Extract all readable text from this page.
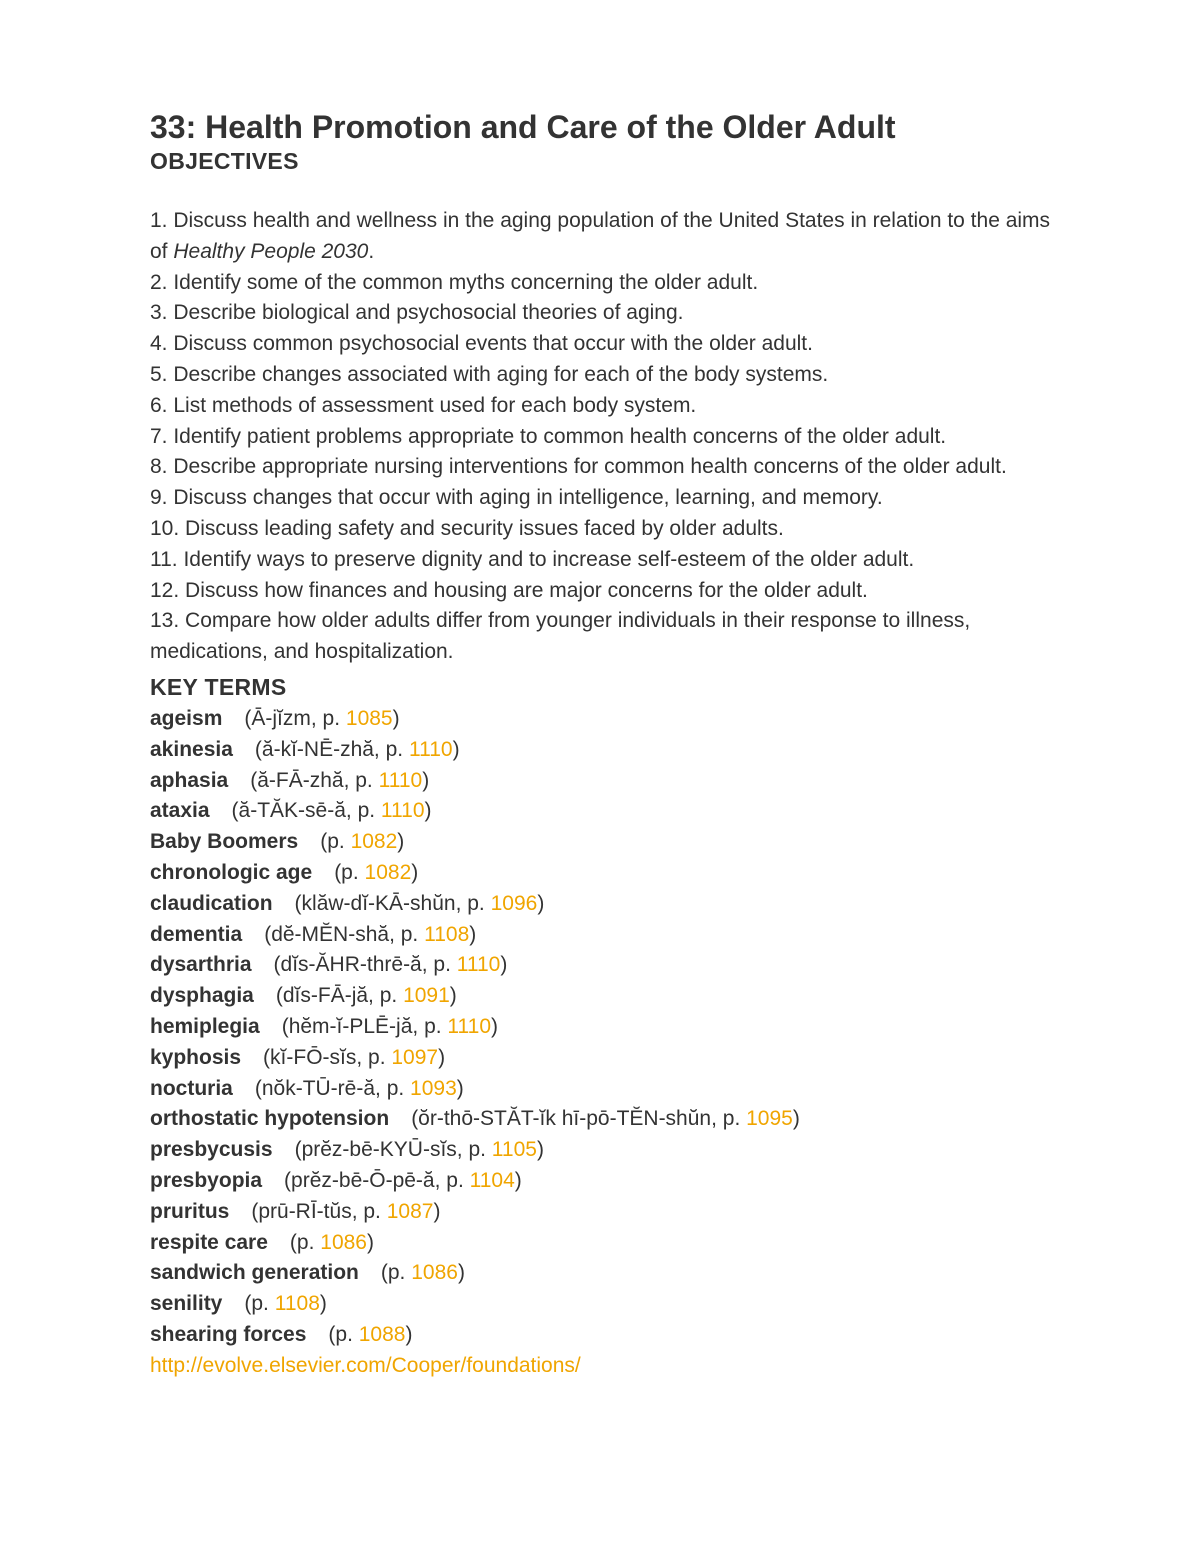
33: Health Promotion and Care of the Older Adult
OBJECTIVES
1. Discuss health and wellness in the aging population of the United States in relation to the aims of Healthy People 2030.
2. Identify some of the common myths concerning the older adult.
3. Describe biological and psychosocial theories of aging.
4. Discuss common psychosocial events that occur with the older adult.
5. Describe changes associated with aging for each of the body systems.
6. List methods of assessment used for each body system.
7. Identify patient problems appropriate to common health concerns of the older adult.
8. Describe appropriate nursing interventions for common health concerns of the older adult.
9. Discuss changes that occur with aging in intelligence, learning, and memory.
10. Discuss leading safety and security issues faced by older adults.
11. Identify ways to preserve dignity and to increase self-esteem of the older adult.
12. Discuss how finances and housing are major concerns for the older adult.
13. Compare how older adults differ from younger individuals in their response to illness, medications, and hospitalization.
KEY TERMS
ageism (Ā-jĭzm, p. 1085)
akinesia (ă-kĭ-NĒ-zhă, p. 1110)
aphasia (ă-FĀ-zhă, p. 1110)
ataxia (ă-TĂK-sē-ă, p. 1110)
Baby Boomers (p. 1082)
chronologic age (p. 1082)
claudication (klăw-dĭ-KĀ-shŭn, p. 1096)
dementia (dĕ-MĔN-shă, p. 1108)
dysarthria (dĭs-ĂHR-thrē-ă, p. 1110)
dysphagia (dĭs-FĀ-jă, p. 1091)
hemiplegia (hĕm-ĭ-PLĒ-jă, p. 1110)
kyphosis (kĭ-FŌ-sĭs, p. 1097)
nocturia (nŏk-TŪ-rē-ă, p. 1093)
orthostatic hypotension (ŏr-thō-STĂT-ĭk hī-pō-TĔN-shŭn, p. 1095)
presbycusis (prĕz-bē-KYŪ-sĭs, p. 1105)
presbyopia (prĕz-bē-Ō-pē-ă, p. 1104)
pruritus (prū-RĪ-tŭs, p. 1087)
respite care (p. 1086)
sandwich generation (p. 1086)
senility (p. 1108)
shearing forces (p. 1088)
http://evolve.elsevier.com/Cooper/foundations/
